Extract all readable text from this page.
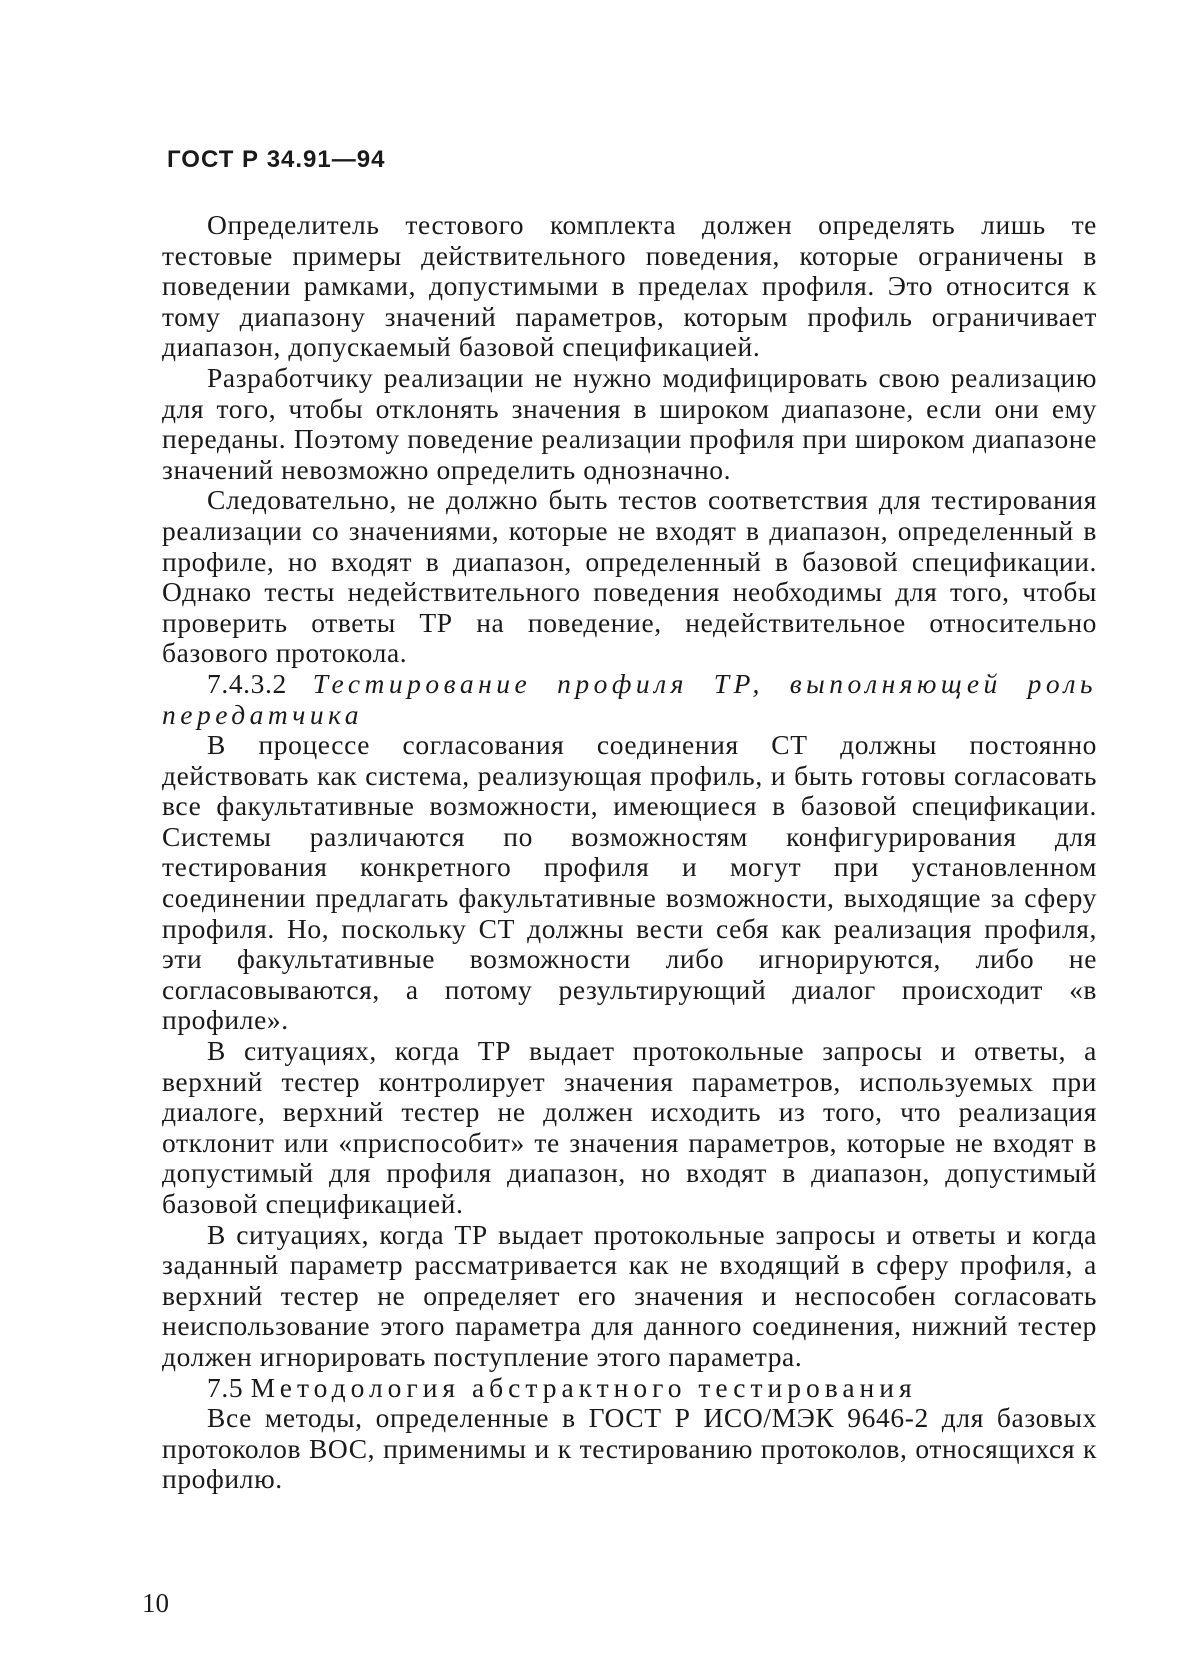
ГОСТ Р 34.91—94

Определитель тестового комплекта должен определять лишь те тестовые примеры действительного поведения, которые ограничены в поведении рамками, допустимыми в пределах профиля. Это относится к тому диапазону значений параметров, которым профиль ограничивает диапазон, допускаемый базовой спецификацией.

Разработчику реализации не нужно модифицировать свою реализацию для того, чтобы отклонять значения в широком диапазоне, если они ему переданы. Поэтому поведение реализации профиля при широком диапазоне значений невозможно определить однозначно.

Следовательно, не должно быть тестов соответствия для тестирования реализации со значениями, которые не входят в диапазон, определенный в профиле, но входят в диапазон, определенный в базовой спецификации. Однако тесты недействительного поведения необходимы для того, чтобы проверить ответы ТР на поведение, недействительное относительно базового протокола.

7.4.3.2 Тестирование профиля ТР, выполняющей роль передатчика

В процессе согласования соединения СТ должны постоянно действовать как система, реализующая профиль, и быть готовы согласовать все факультативные возможности, имеющиеся в базовой спецификации. Системы различаются по возможностям конфигурирования для тестирования конкретного профиля и могут при установленном соединении предлагать факультативные возможности, выходящие за сферу профиля. Но, поскольку СТ должны вести себя как реализация профиля, эти факультативные возможности либо игнорируются, либо не согласовываются, а потому результирующий диалог происходит «в профиле».

В ситуациях, когда ТР выдает протокольные запросы и ответы, а верхний тестер контролирует значения параметров, используемых при диалоге, верхний тестер не должен исходить из того, что реализация отклонит или «приспособит» те значения параметров, которые не входят в допустимый для профиля диапазон, но входят в диапазон, допустимый базовой спецификацией.

В ситуациях, когда ТР выдает протокольные запросы и ответы и когда заданный параметр рассматривается как не входящий в сферу профиля, а верхний тестер не определяет его значения и неспособен согласовать неиспользование этого параметра для данного соединения, нижний тестер должен игнорировать поступление этого параметра.

7.5 Методология абстрактного тестирования

Все методы, определенные в ГОСТ Р ИСО/МЭК 9646-2 для базовых протоколов ВОС, применимы и к тестированию протоколов, относящихся к профилю.

10
